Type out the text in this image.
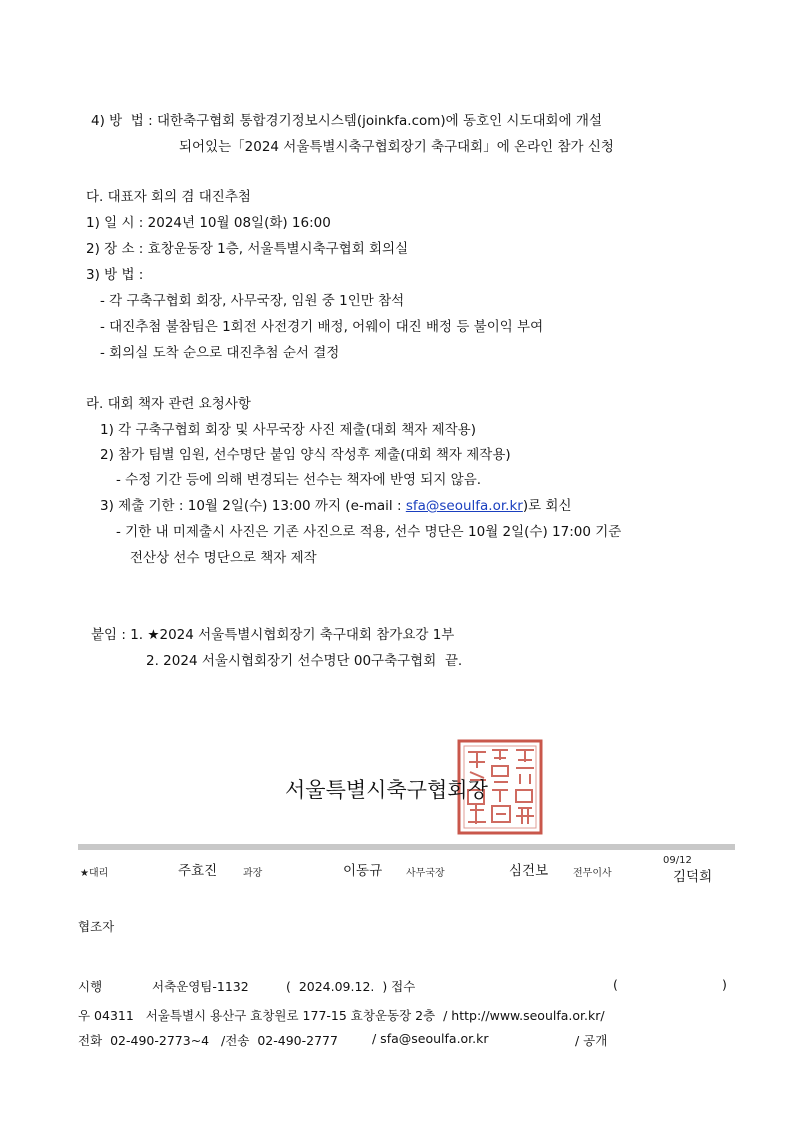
4) 방  법 : 대한축구협회 통합경기정보시스템(joinkfa.com)에 동호인 시도대회에 개설
되어있는「2024 서울특별시축구협회장기 축구대회」에 온라인 참가 신청
다. 대표자 회의 겸 대진추첨
1) 일 시 : 2024년 10월 08일(화) 16:00
2) 장 소 : 효창운동장 1층, 서울특별시축구협회 회의실
3) 방 법 :
- 각 구축구협회 회장, 사무국장, 임원 중 1인만 참석
- 대진추첨 불참팀은 1회전 사전경기 배정, 어웨이 대진 배정 등 불이익 부여
- 회의실 도착 순으로 대진추첨 순서 결정
라. 대회 책자 관련 요청사항
1) 각 구축구협회 회장 및 사무국장 사진 제출(대회 책자 제작용)
2) 참가 팀별 임원, 선수명단 붙임 양식 작성후 제출(대회 책자 제작용)
- 수정 기간 등에 의해 변경되는 선수는 책자에 반영 되지 않음.
3) 제출 기한 : 10월 2일(수) 13:00 까지 (e-mail : sfa@seoulfa.or.kr)로 회신
- 기한 내 미제출시 사진은 기존 사진으로 적용, 선수 명단은 10월 2일(수) 17:00 기준
전산상 선수 명단으로 책자 제작
붙임 : 1. ★2024 서울특별시협회장기 축구대회 참가요강 1부
2. 2024 서울시협회장기 선수명단 00구축구협회  끝.
서울특별시축구협회장
★대리	주효진	과장	이동규 사무국장	심건보 전무이사
09/12
김덕희
협조자
시행	서축운영팀-1132	(  2024.09.12.  ) 접수	(	)
우 04311   서울특별시 용산구 효창원로 177-15 효창운동장 2층  / http://www.seoulfa.or.kr/
전화  02-490-2773~4   /전송  02-490-2777	/ sfa@seoulfa.or.kr	/ 공개
